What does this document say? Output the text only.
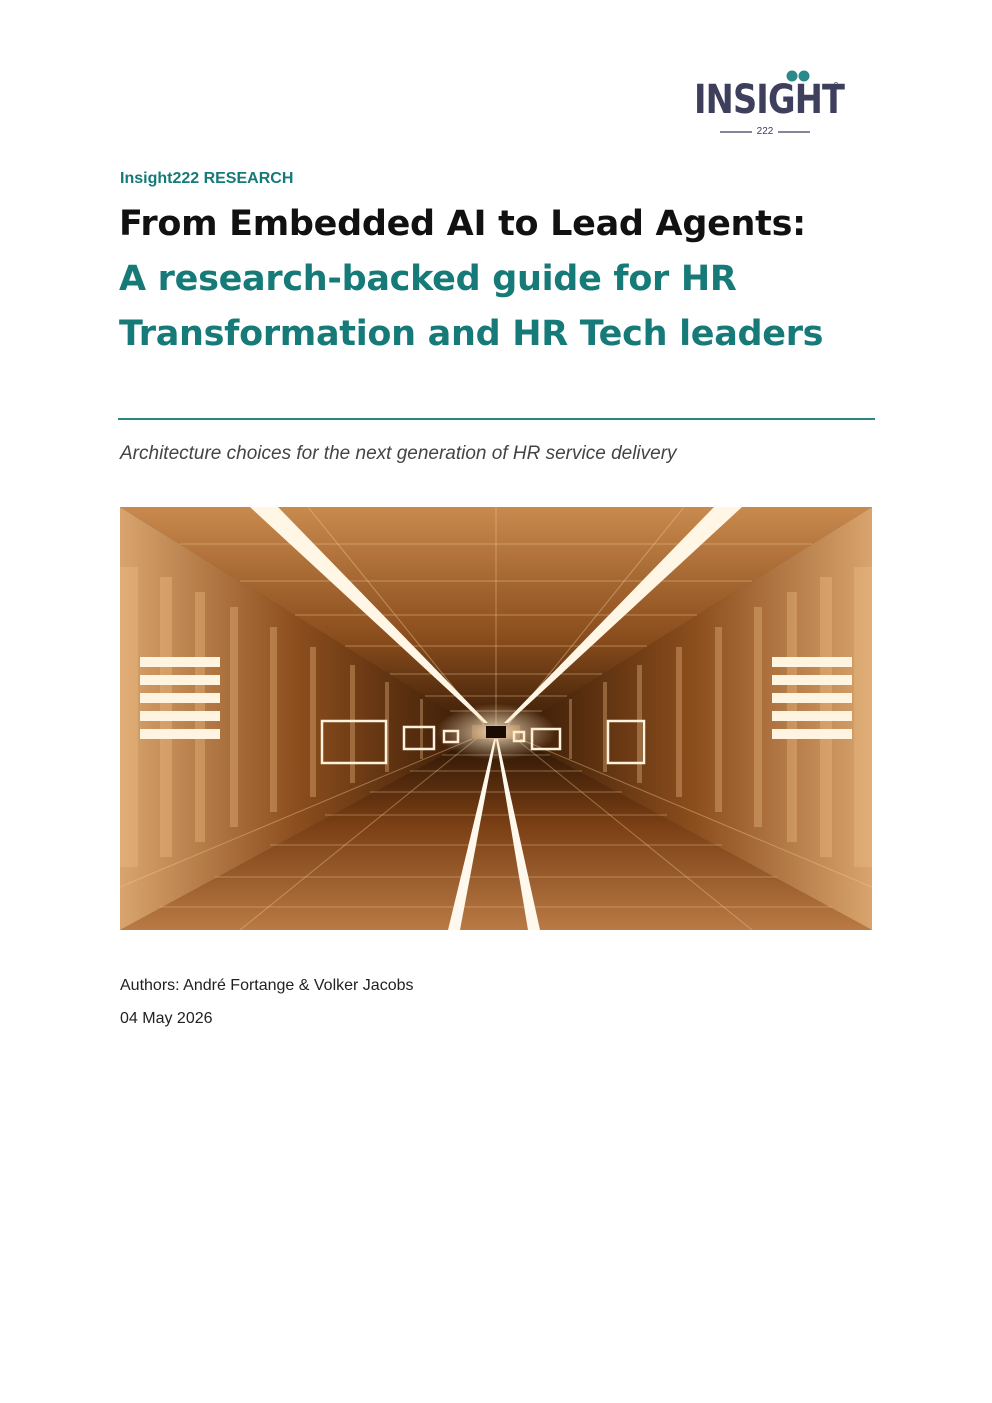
INSIGHT
222
Insight222 RESEARCH
From Embedded AI to Lead Agents:
A research-backed guide for HR Transformation and HR Tech leaders
Architecture choices for the next generation of HR service delivery
Authors: André Fortange & Volker Jacobs
04 May 2026
